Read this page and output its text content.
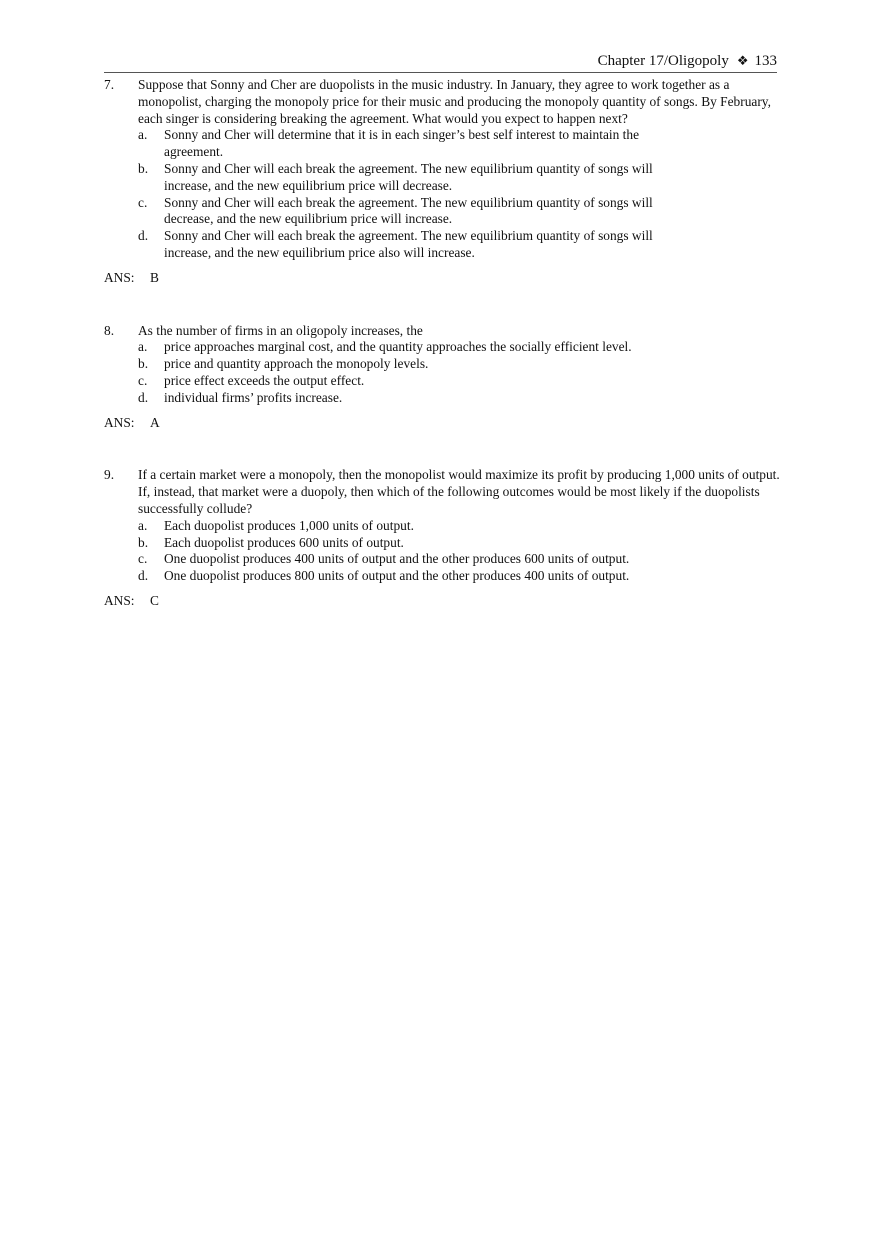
Chapter 17/Oligopoly ❖ 133
7.	Suppose that Sonny and Cher are duopolists in the music industry. In January, they agree to work together as a monopolist, charging the monopoly price for their music and producing the monopoly quantity of songs. By February, each singer is considering breaking the agreement. What would you expect to happen next?

a. Sonny and Cher will determine that it is in each singer’s best self interest to maintain the agreement.
b. Sonny and Cher will each break the agreement. The new equilibrium quantity of songs will increase, and the new equilibrium price will decrease.
c. Sonny and Cher will each break the agreement. The new equilibrium quantity of songs will decrease, and the new equilibrium price will increase.
d. Sonny and Cher will each break the agreement. The new equilibrium quantity of songs will increase, and the new equilibrium price also will increase.
ANS: B
8.	As the number of firms in an oligopoly increases, the

a. price approaches marginal cost, and the quantity approaches the socially efficient level.
b. price and quantity approach the monopoly levels.
c. price effect exceeds the output effect.
d. individual firms’ profits increase.
ANS: A
9.	If a certain market were a monopoly, then the monopolist would maximize its profit by producing 1,000 units of output. If, instead, that market were a duopoly, then which of the following outcomes would be most likely if the duopolists successfully collude?

a. Each duopolist produces 1,000 units of output.
b. Each duopolist produces 600 units of output.
c. One duopolist produces 400 units of output and the other produces 600 units of output.
d. One duopolist produces 800 units of output and the other produces 400 units of output.
ANS: C
